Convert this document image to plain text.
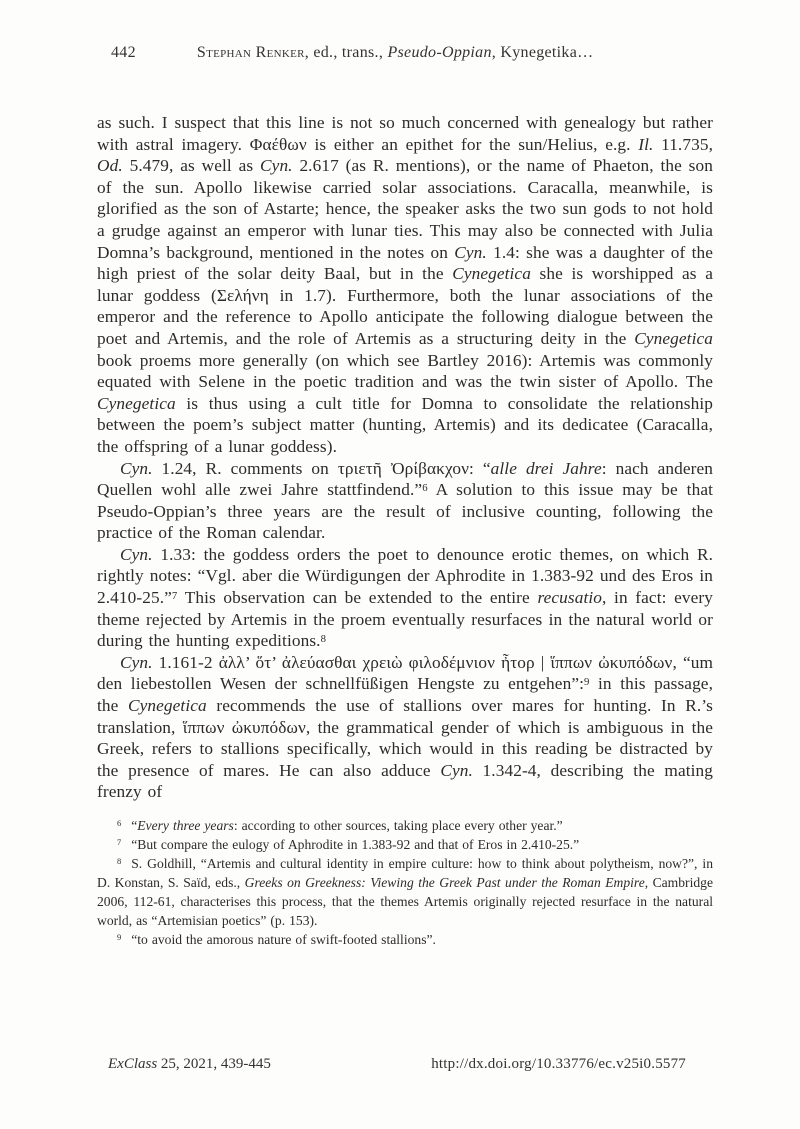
442	Stephan Renker, ed., trans., Pseudo-Oppian, Kynegetika…

as such. I suspect that this line is not so much concerned with genealogy but rather with astral imagery. Φαέθων is either an epithet for the sun/Helius, e.g. Il. 11.735, Od. 5.479, as well as Cyn. 2.617 (as R. mentions), or the name of Phaeton, the son of the sun. Apollo likewise carried solar associations. Caracalla, meanwhile, is glorified as the son of Astarte; hence, the speaker asks the two sun gods to not hold a grudge against an emperor with lunar ties. This may also be connected with Julia Domna’s background, mentioned in the notes on Cyn. 1.4: she was a daughter of the high priest of the solar deity Baal, but in the Cynegetica she is worshipped as a lunar goddess (Σελήνη in 1.7). Furthermore, both the lunar associations of the emperor and the reference to Apollo anticipate the following dialogue between the poet and Artemis, and the role of Artemis as a structuring deity in the Cynegetica book proems more generally (on which see Bartley 2016): Artemis was commonly equated with Selene in the poetic tradition and was the twin sister of Apollo. The Cynegetica is thus using a cult title for Domna to consolidate the relationship between the poem’s subject matter (hunting, Artemis) and its dedicatee (Caracalla, the offspring of a lunar goddess).

Cyn. 1.24, R. comments on τριετῆ Ὀρίβακχον: “alle drei Jahre: nach anderen Quellen wohl alle zwei Jahre stattfindend.”$^6$ A solution to this issue may be that Pseudo-Oppian’s three years are the result of inclusive counting, following the practice of the Roman calendar.

Cyn. 1.33: the goddess orders the poet to denounce erotic themes, on which R. rightly notes: “Vgl. aber die Würdigungen der Aphrodite in 1.383-92 und des Eros in 2.410-25.”$^7$ This observation can be extended to the entire recusatio, in fact: every theme rejected by Artemis in the proem eventually resurfaces in the natural world or during the hunting expeditions.$^8$

Cyn. 1.161-2 ἀλλ’ ὅτ’ ἀλεύασθαι χρειὼ φιλοδέμνιον ἦτορ | ἵππων ὠκυπόδων, “um den liebestollen Wesen der schnellfüßigen Hengste zu entgehen”:$^9$ in this passage, the Cynegetica recommends the use of stallions over mares for hunting. In R.’s translation, ἵππων ὠκυπόδων, the grammatical gender of which is ambiguous in the Greek, refers to stallions specifically, which would in this reading be distracted by the presence of mares. He can also adduce Cyn. 1.342-4, describing the mating frenzy of

$^6$ “Every three years: according to other sources, taking place every other year.”

$^7$ “But compare the eulogy of Aphrodite in 1.383-92 and that of Eros in 2.410-25.”

$^8$ S. Goldhill, “Artemis and cultural identity in empire culture: how to think about polytheism, now?”, in D. Konstan, S. Saïd, eds., Greeks on Greekness: Viewing the Greek Past under the Roman Empire, Cambridge 2006, 112-61, characterises this process, that the themes Artemis originally rejected resurface in the natural world, as “Artemisian poetics” (p. 153).

$^9$ “to avoid the amorous nature of swift-footed stallions”.

ExClass 25, 2021, 439-445	http://dx.doi.org/10.33776/ec.v25i0.5577
